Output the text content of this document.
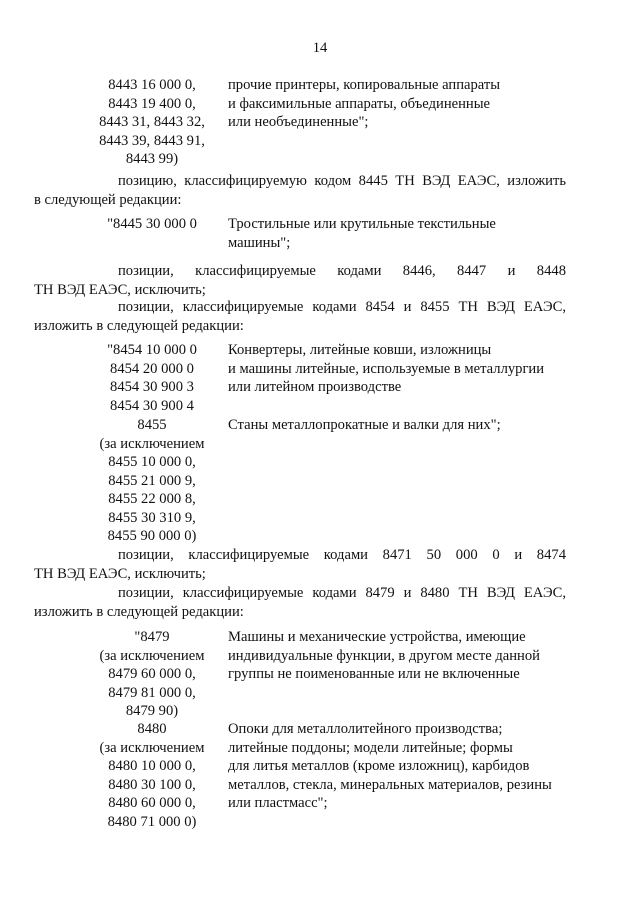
14
8443 16 000 0,
8443 19 400 0,
8443 31, 8443 32,
8443 39, 8443 91,
8443 99)
прочие принтеры, копировальные аппараты
и факсимильные аппараты, объединенные
или необъединенные";
позицию, классифицируемую кодом 8445 ТН ВЭД ЕАЭС, изложить
в следующей редакции:
"8445 30 000 0	Тростильные или крутильные текстильные
машины";
позиции, классифицируемые кодами 8446, 8447 и 8448
ТН ВЭД ЕАЭС, исключить;
позиции, классифицируемые кодами 8454 и 8455 ТН ВЭД ЕАЭС,
изложить в следующей редакции:
"8454 10 000 0
8454 20 000 0
8454 30 900 3
8454 30 900 4
Конвертеры, литейные ковши, изложницы
и машины литейные, используемые в металлургии
или литейном производстве
8455
(за исключением
8455 10 000 0,
8455 21 000 9,
8455 22 000 8,
8455 30 310 9,
8455 90 000 0)
Станы металлопрокатные и валки для них";
позиции, классифицируемые кодами 8471 50 000 0 и 8474
ТН ВЭД ЕАЭС, исключить;
позиции, классифицируемые кодами 8479 и 8480 ТН ВЭД ЕАЭС,
изложить в следующей редакции:
"8479
(за исключением
8479 60 000 0,
8479 81 000 0,
8479 90)
Машины и механические устройства, имеющие
индивидуальные функции, в другом месте данной
группы не поименованные или не включенные
8480
(за исключением
8480 10 000 0,
8480 30 100 0,
8480 60 000 0,
8480 71 000 0)
Опоки для металлолитейного производства;
литейные поддоны; модели литейные; формы
для литья металлов (кроме изложниц), карбидов
металлов, стекла, минеральных материалов, резины
или пластмасс";
